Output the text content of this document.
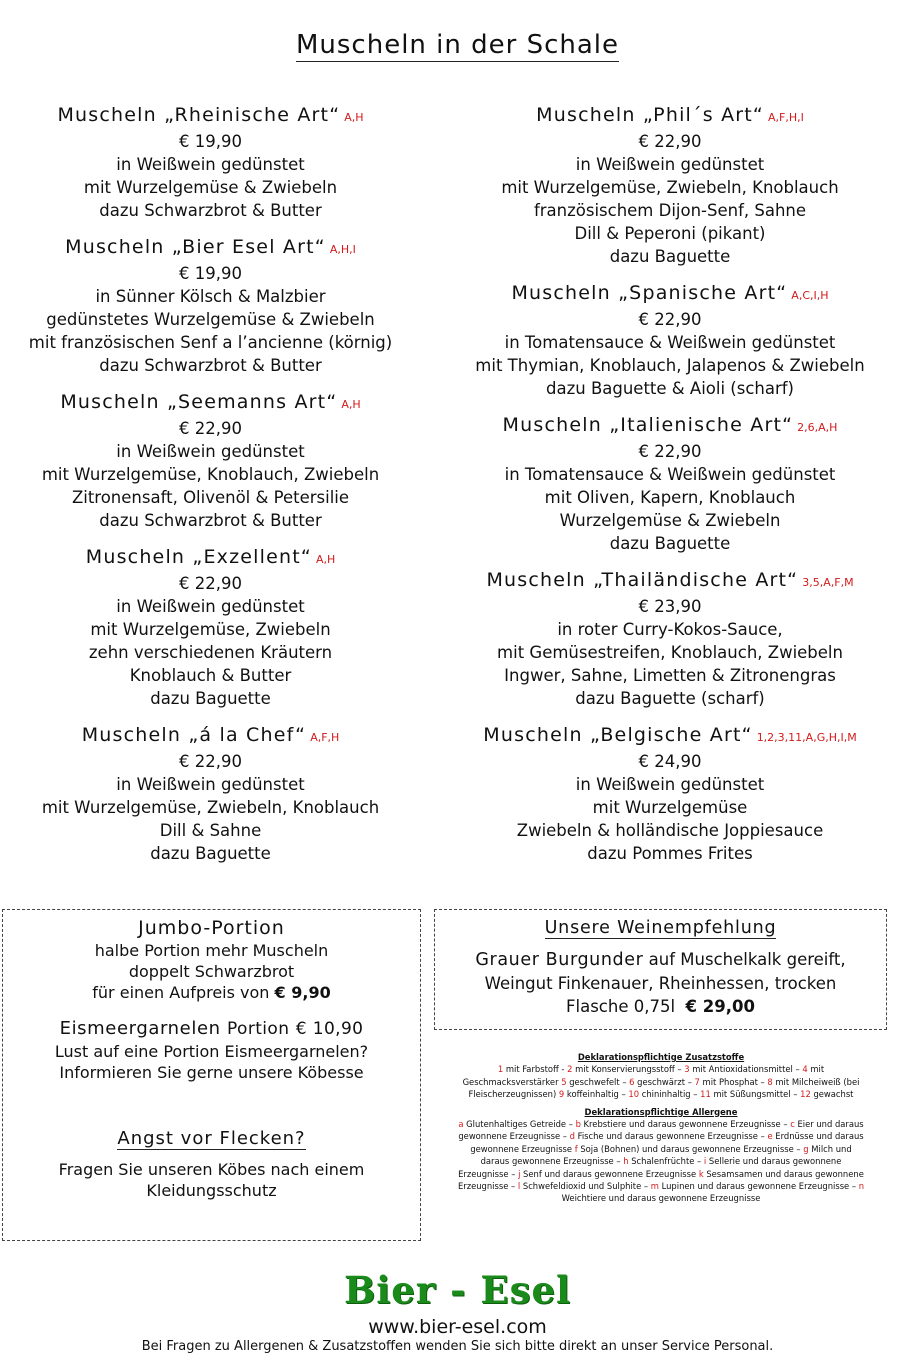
Muscheln in der Schale
Muscheln „Rheinische Art“ A,H
€ 19,90
in Weißwein gedünstet
mit Wurzelgemüse & Zwiebeln
dazu Schwarzbrot & Butter
Muscheln „Bier Esel Art“ A,H,I
€ 19,90
in Sünner Kölsch & Malzbier
gedünstetes Wurzelgemüse & Zwiebeln
mit französischen Senf a l’ancienne (körnig)
dazu Schwarzbrot & Butter
Muscheln „Seemanns Art“ A,H
€ 22,90
in Weißwein gedünstet
mit Wurzelgemüse, Knoblauch, Zwiebeln
Zitronensaft, Olivenöl & Petersilie
dazu Schwarzbrot & Butter
Muscheln „Exzellent“ A,H
€ 22,90
in Weißwein gedünstet
mit Wurzelgemüse, Zwiebeln
zehn verschiedenen Kräutern
Knoblauch & Butter
dazu Baguette
Muscheln „á la Chef“ A,F,H
€ 22,90
in Weißwein gedünstet
mit Wurzelgemüse, Zwiebeln, Knoblauch
Dill & Sahne
dazu Baguette
Muscheln „Phil´s Art“ A,F,H,I
€ 22,90
in Weißwein gedünstet
mit Wurzelgemüse, Zwiebeln, Knoblauch
französischem Dijon-Senf, Sahne
Dill & Peperoni (pikant)
dazu Baguette
Muscheln „Spanische Art“ A,C,I,H
€ 22,90
in Tomatensauce & Weißwein gedünstet
mit Thymian, Knoblauch, Jalapenos & Zwiebeln
dazu Baguette & Aioli (scharf)
Muscheln „Italienische Art“ 2,6,A,H
€ 22,90
in Tomatensauce & Weißwein gedünstet
mit Oliven, Kapern, Knoblauch
Wurzelgemüse & Zwiebeln
dazu Baguette
Muscheln „Thailändische Art“ 3,5,A,F,M
€ 23,90
in roter Curry-Kokos-Sauce,
mit Gemüsestreifen, Knoblauch, Zwiebeln
Ingwer, Sahne, Limetten & Zitronengras
dazu Baguette (scharf)
Muscheln „Belgische Art“ 1,2,3,11,A,G,H,I,M
€ 24,90
in Weißwein gedünstet
mit Wurzelgemüse
Zwiebeln & holländische Joppiesauce
dazu Pommes Frites
Jumbo-Portion
halbe Portion mehr Muscheln
doppelt Schwarzbrot
für einen Aufpreis von € 9,90
Eismeergarnelen Portion € 10,90
Lust auf eine Portion Eismeergarnelen?
Informieren Sie gerne unsere Köbesse
Angst vor Flecken?
Fragen Sie unseren Köbes nach einem
Kleidungsschutz
Unsere Weinempfehlung
Grauer Burgunder auf Muschelkalk gereift,
Weingut Finkenauer, Rheinhessen, trocken
Flasche 0,75l € 29,00
Deklarationspflichtige Zusatzstoffe
1 mit Farbstoff - 2 mit Konservierungsstoff – 3 mit Antioxidationsmittel – 4 mit Geschmacksverstärker 5 geschwefelt – 6 geschwärzt – 7 mit Phosphat – 8 mit Milcheiweiß (bei Fleischerzeugnissen) 9 koffeinhaltig – 10 chininhaltig – 11 mit Süßungsmittel – 12 gewachst
Deklarationspflichtige Allergene
a Glutenhaltiges Getreide – b Krebstiere und daraus gewonnene Erzeugnisse – c Eier und daraus gewonnene Erzeugnisse – d Fische und daraus gewonnene Erzeugnisse – e Erdnüsse und daraus gewonnene Erzeugnisse f Soja (Bohnen) und daraus gewonnene Erzeugnisse – g Milch und daraus gewonnene Erzeugnisse – h Schalenfrüchte – i Sellerie und daraus gewonnene Erzeugnisse – j Senf und daraus gewonnene Erzeugnisse k Sesamsamen und daraus gewonnene Erzeugnisse – l Schwefeldioxid und Sulphite – m Lupinen und daraus gewonnene Erzeugnisse – n Weichtiere und daraus gewonnene Erzeugnisse
Bier - Esel
www.bier-esel.com
Bei Fragen zu Allergenen & Zusatzstoffen wenden Sie sich bitte direkt an unser Service Personal.
